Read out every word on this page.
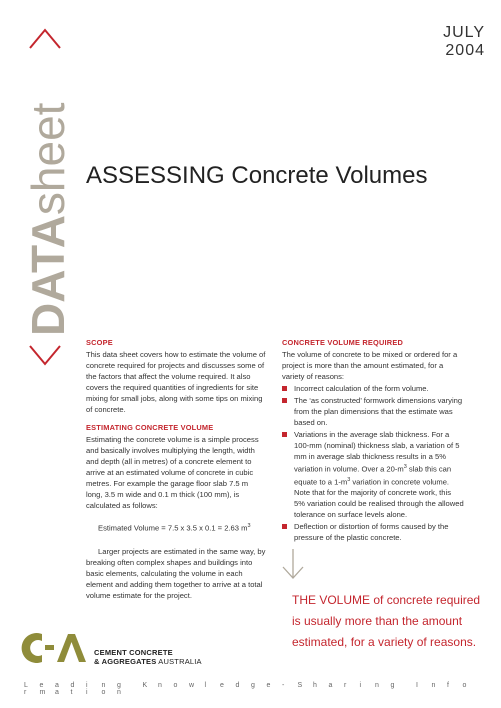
DATAsheet
JULY
2004
ASSESSING Concrete Volumes
SCOPE
This data sheet covers how to estimate the volume of concrete required for projects and discusses some of the factors that affect the volume required. It also covers the required quantities of ingredients for site mixing for small jobs, along with some tips on mixing of concrete.
ESTIMATING CONCRETE VOLUME
Estimating the concrete volume is a simple process and basically involves multiplying the length, width and depth (all in metres) of a concrete element to arrive at an estimated volume of concrete in cubic metres. For example the garage floor slab 7.5 m long, 3.5 m wide and 0.1 m thick (100 mm), is calculated as follows:
Estimated Volume = 7.5 x 3.5 x 0.1 = 2.63 $m^3$
Larger projects are estimated in the same way, by breaking often complex shapes and buildings into basic elements, calculating the volume in each element and adding them together to arrive at a total volume estimate for the project.
CONCRETE VOLUME REQUIRED
The volume of concrete to be mixed or ordered for a project is more than the amount estimated, for a variety of reasons:
Incorrect calculation of the form volume.
The ‘as constructed’ formwork dimensions varying from the plan dimensions that the estimate was based on.
Variations in the average slab thickness. For a 100-mm (nominal) thickness slab, a variation of 5 mm in average slab thickness results in a 5% variation in volume. Over a $20-m^3$ slab this can equate to a $1-m^3$ variation in concrete volume. Note that for the majority of concrete work, this 5% variation could be realised through the allowed tolerance on surface levels alone.
Deflection or distortion of forms caused by the pressure of the plastic concrete.
THE VOLUME of concrete required is usually more than the amount estimated, for a variety of reasons.
CEMENT CONCRETE
& AGGREGATES AUSTRALIA
L e a d i n g	K n o w l e d g e - S h a r i n g	I n f or m a t i o n
